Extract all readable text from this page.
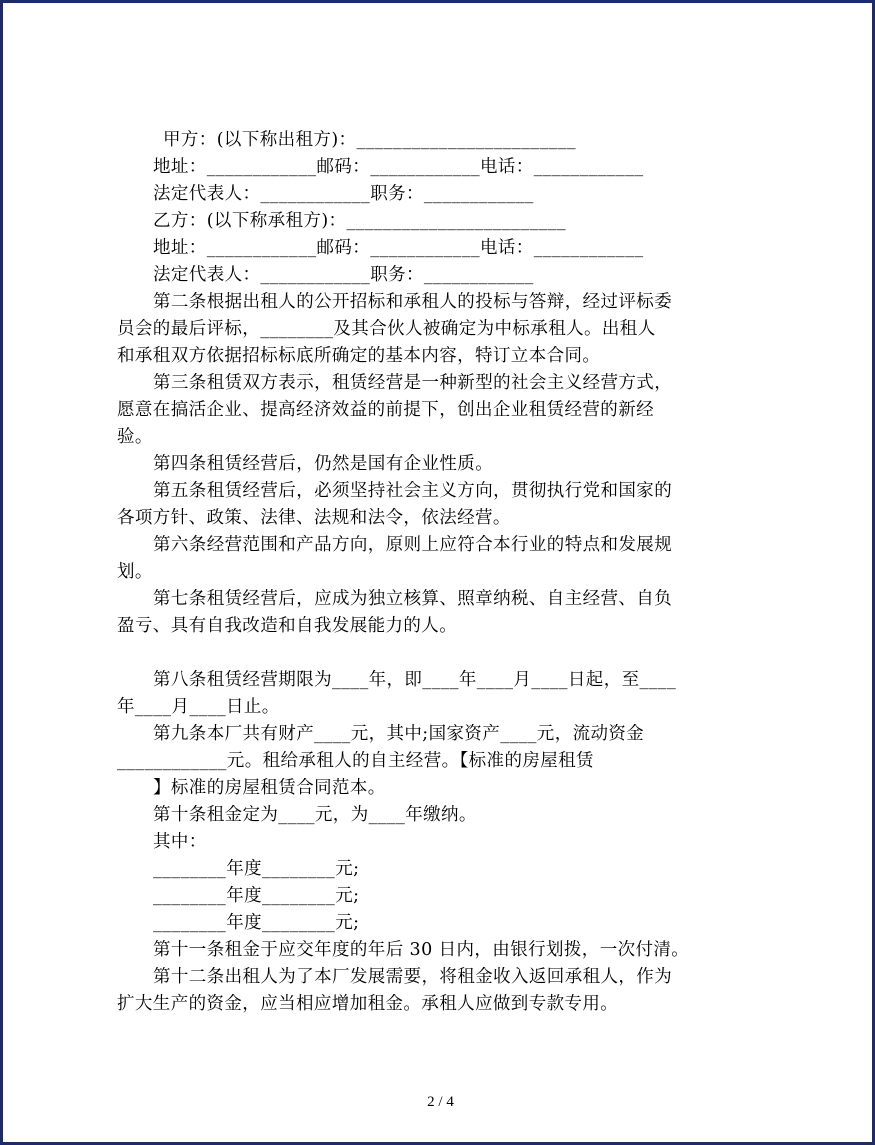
甲方：(以下称出租方)：________________________
地址：____________邮码：____________电话：____________
法定代表人：____________职务：____________
乙方：(以下称承租方)：________________________
地址：____________邮码：____________电话：____________
法定代表人：____________职务：____________
第二条根据出租人的公开招标和承租人的投标与答辩，经过评标委
员会的最后评标，________及其合伙人被确定为中标承租人。出租人
和承租双方依据招标标底所确定的基本内容，特订立本合同。
第三条租赁双方表示，租赁经营是一种新型的社会主义经营方式，
愿意在搞活企业、提高经济效益的前提下，创出企业租赁经营的新经
验。
第四条租赁经营后，仍然是国有企业性质。
第五条租赁经营后，必须坚持社会主义方向，贯彻执行党和国家的
各项方针、政策、法律、法规和法令，依法经营。
第六条经营范围和产品方向，原则上应符合本行业的特点和发展规
划。
第七条租赁经营后，应成为独立核算、照章纳税、自主经营、自负
盈亏、具有自我改造和自我发展能力的人。
第八条租赁经营期限为____年，即____年____月____日起，至____
年____月____日止。
第九条本厂共有财产____元，其中;国家资产____元，流动资金
____________元。租给承租人的自主经营。【标准的房屋租赁
】标准的房屋租赁合同范本。
第十条租金定为____元，为____年缴纳。
其中：
________年度________元;
________年度________元;
________年度________元;
第十一条租金于应交年度的年后 30 日内，由银行划拨，一次付清。
第十二条出租人为了本厂发展需要，将租金收入返回承租人，作为
扩大生产的资金，应当相应增加租金。承租人应做到专款专用。
2 / 4
